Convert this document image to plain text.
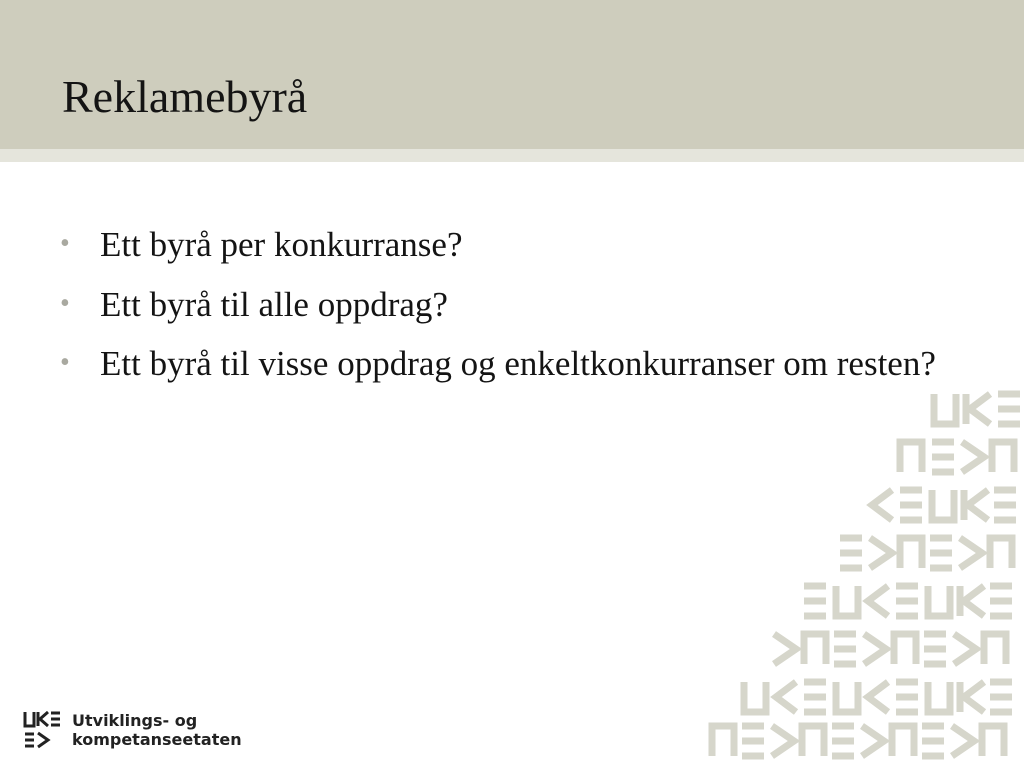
Reklamebyrå
• Ett byrå per konkurranse?
• Ett byrå til alle oppdrag?
• Ett byrå til visse oppdrag og enkeltkonkurranser om resten?
Utviklings- og
kompetanseetaten
